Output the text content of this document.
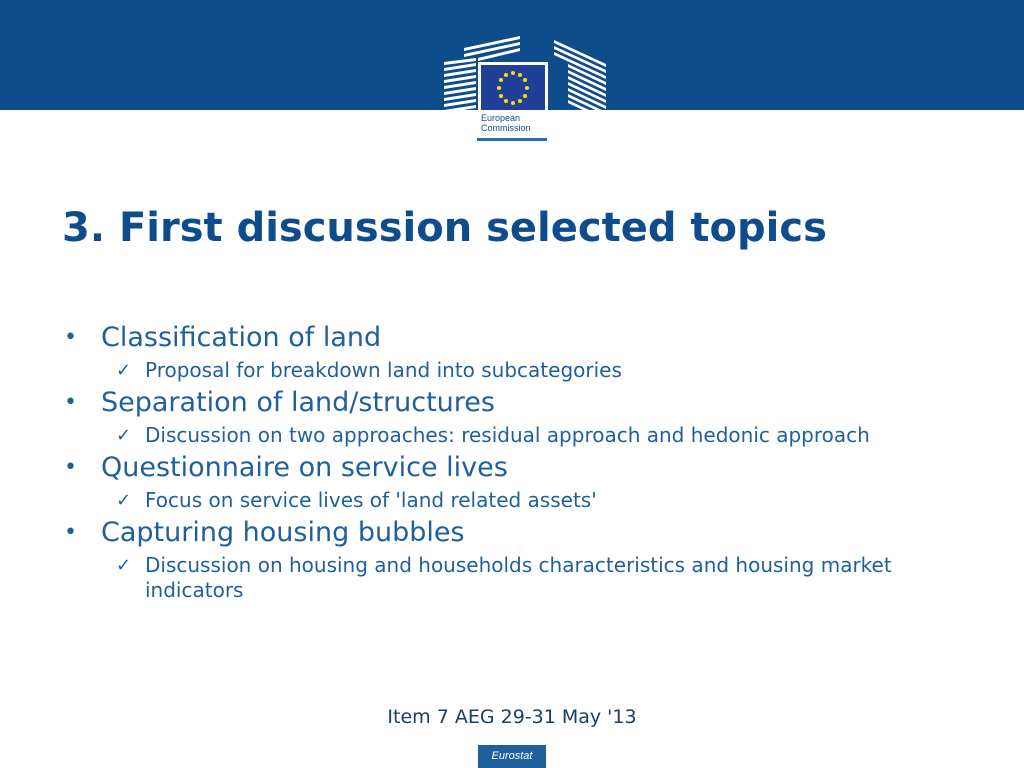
European
Commission
3. First discussion selected topics
• Classification of land
✓ Proposal for breakdown land into subcategories
• Separation of land/structures
✓ Discussion on two approaches: residual approach and hedonic approach
• Questionnaire on service lives
✓ Focus on service lives of 'land related assets'
• Capturing housing bubbles
✓ Discussion on housing and households characteristics and housing market indicators
Item 7 AEG 29-31 May '13
Eurostat
